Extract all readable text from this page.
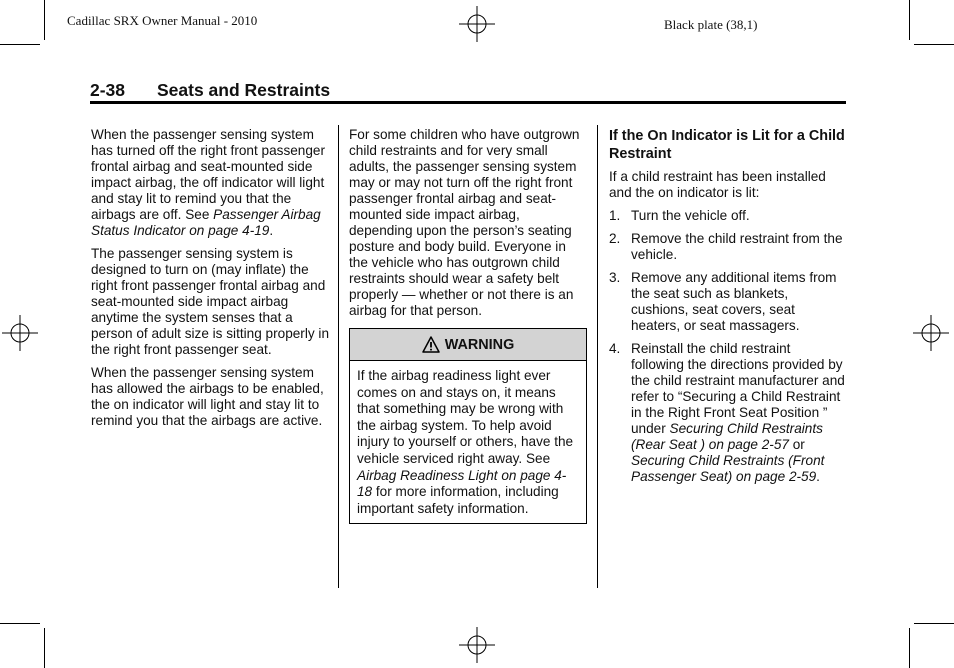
Cadillac SRX Owner Manual - 2010	Black plate (38,1)
2-38 Seats and Restraints

When the passenger sensing system has turned off the right front passenger frontal airbag and seat-mounted side impact airbag, the off indicator will light and stay lit to remind you that the airbags are off. See Passenger Airbag Status Indicator on page 4-19.

The passenger sensing system is designed to turn on (may inflate) the right front passenger frontal airbag and seat-mounted side impact airbag anytime the system senses that a person of adult size is sitting properly in the right front passenger seat.

When the passenger sensing system has allowed the airbags to be enabled, the on indicator will light and stay lit to remind you that the airbags are active.

For some children who have outgrown child restraints and for very small adults, the passenger sensing system may or may not turn off the right front passenger frontal airbag and seat-mounted side impact airbag, depending upon the person’s seating posture and body build. Everyone in the vehicle who has outgrown child restraints should wear a safety belt properly — whether or not there is an airbag for that person.

WARNING
If the airbag readiness light ever comes on and stays on, it means that something may be wrong with the airbag system. To help avoid injury to yourself or others, have the vehicle serviced right away. See Airbag Readiness Light on page 4-18 for more information, including important safety information.
If the On Indicator is Lit for a Child Restraint

If a child restraint has been installed and the on indicator is lit:

1. Turn the vehicle off.
2. Remove the child restraint from the vehicle.
3. Remove any additional items from the seat such as blankets, cushions, seat covers, seat heaters, or seat massagers.
4. Reinstall the child restraint following the directions provided by the child restraint manufacturer and refer to “Securing a Child Restraint in the Right Front Seat Position ” under Securing Child Restraints (Rear Seat ) on page 2-57 or Securing Child Restraints (Front Passenger Seat) on page 2-59.
